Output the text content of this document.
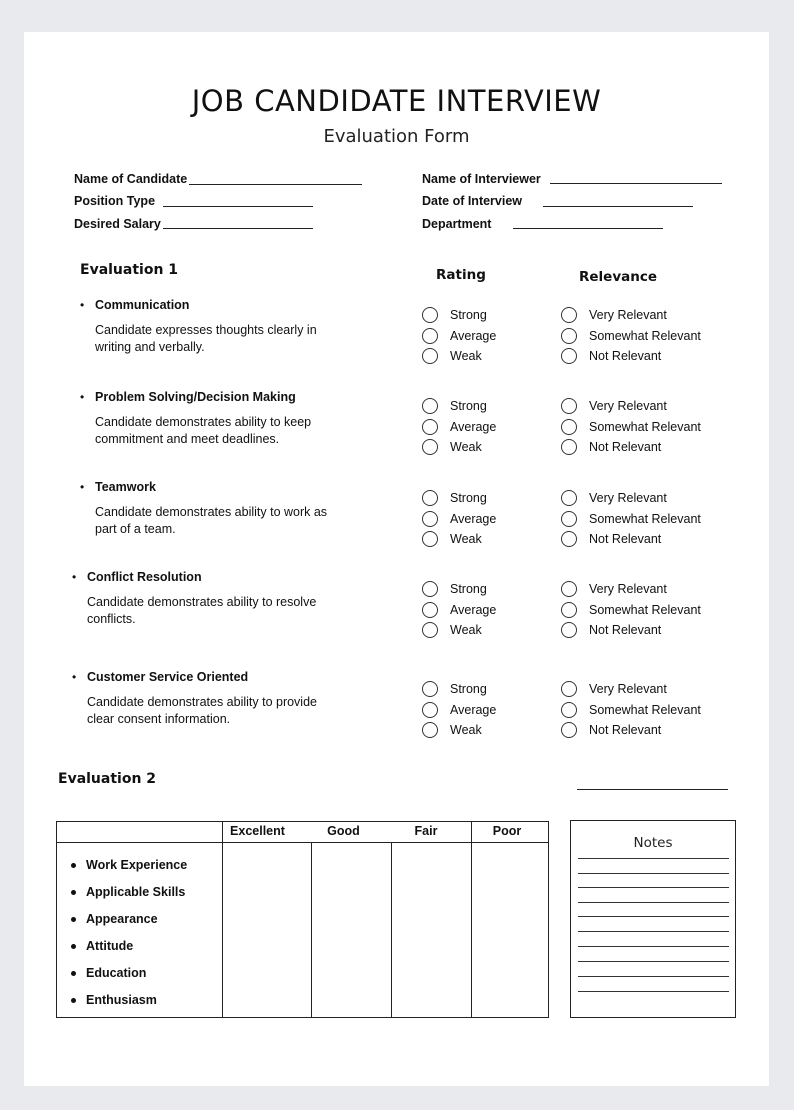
JOB CANDIDATE INTERVIEW
Evaluation Form
Name of Candidate
Position Type
Desired Salary
Name of Interviewer
Date of Interview
Department
Evaluation 1	Rating	Relevance
• Communication
Candidate expresses thoughts clearly in writing and verbally.
Strong
Average
Weak
Very Relevant
Somewhat Relevant
Not Relevant
• Problem Solving/Decision Making
Candidate demonstrates ability to keep commitment and meet deadlines.
Strong
Average
Weak
Very Relevant
Somewhat Relevant
Not Relevant
• Teamwork
Candidate demonstrates ability to work as part of a team.
Strong
Average
Weak
Very Relevant
Somewhat Relevant
Not Relevant
• Conflict Resolution
Candidate demonstrates ability to resolve conflicts.
Strong
Average
Weak
Very Relevant
Somewhat Relevant
Not Relevant
• Customer Service Oriented
Candidate demonstrates ability to provide clear consent information.
Strong
Average
Weak
Very Relevant
Somewhat Relevant
Not Relevant
Evaluation 2
Excellent	Good	Fair	Poor
Work Experience
Applicable Skills
Appearance
Attitude
Education
Enthusiasm
Notes
